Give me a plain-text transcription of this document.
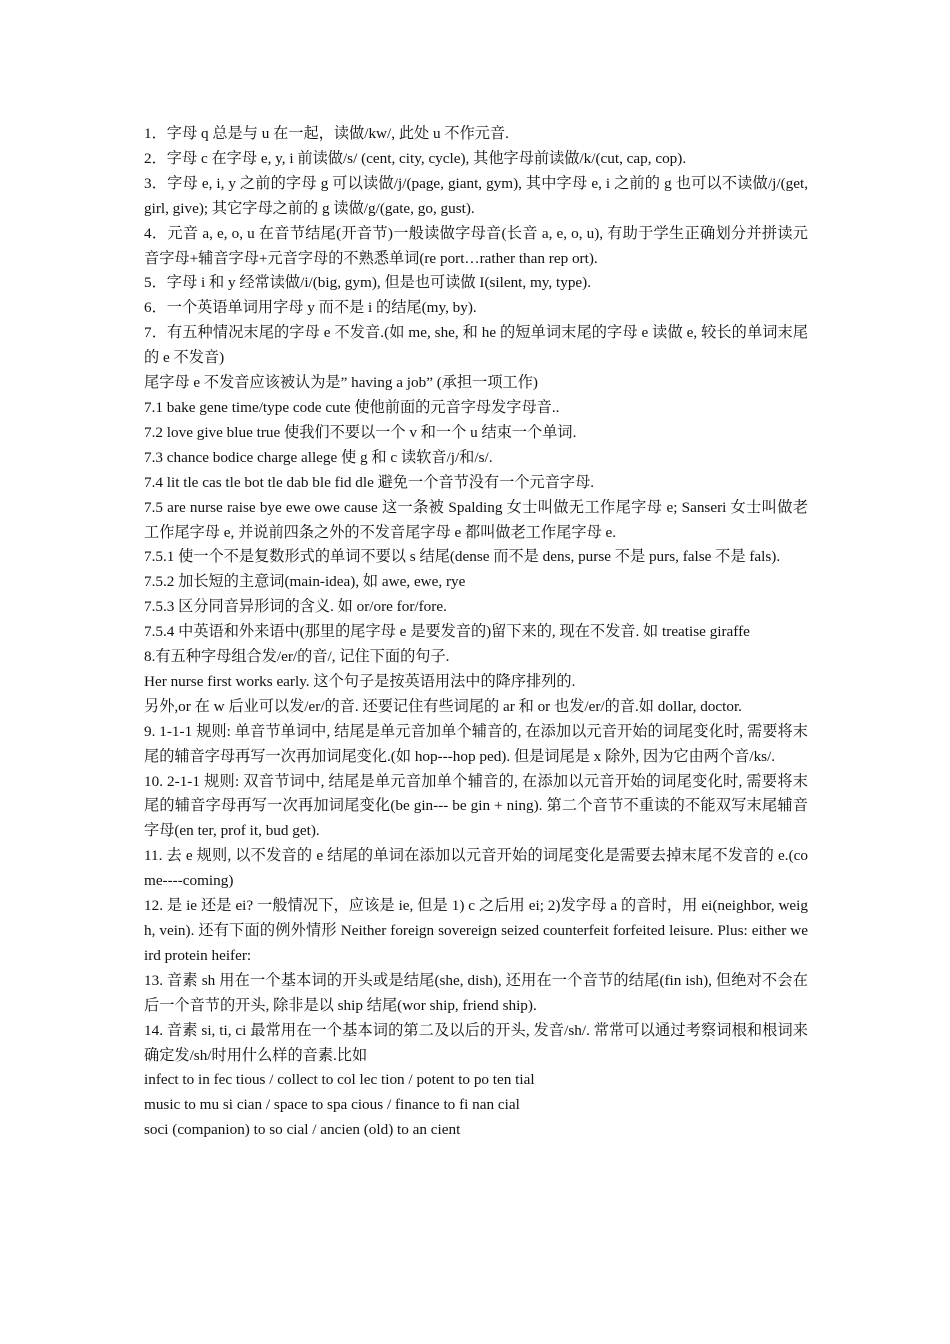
1．字母 q 总是与 u 在一起，读做/kw/, 此处 u 不作元音.

2．字母 c 在字母 e, y, i 前读做/s/ (cent, city, cycle), 其他字母前读做/k/(cut, cap, cop).

3．字母 e, i, y 之前的字母 g 可以读做/j/(page, giant, gym), 其中字母 e, i 之前的 g 也可以不读做/j/(get, girl, give); 其它字母之前的 g 读做/g/(gate, go, gust).

4．元音 a, e, o, u 在音节结尾(开音节)一般读做字母音(长音 a, e, o, u), 有助于学生正确划分并拼读元音字母+辅音字母+元音字母的不熟悉单词(re port…rather than rep ort).

5．字母 i 和 y 经常读做/i/(big, gym), 但是也可读做 I(silent, my, type).

6．一个英语单词用字母 y 而不是 i 的结尾(my, by).

7．有五种情况末尾的字母 e 不发音.(如 me, she, 和 he 的短单词末尾的字母 e 读做 e, 较长的单词末尾的 e 不发音)

尾字母 e 不发音应该被认为是” having a job” (承担一项工作)

7.1 bake gene time/type code cute 使他前面的元音字母发字母音..

7.2 love give blue true 使我们不要以一个 v 和一个 u 结束一个单词.

7.3 chance bodice charge allege 使 g 和 c 读软音/j/和/s/.

7.4 lit tle cas tle bot tle dab ble fid dle 避免一个音节没有一个元音字母.

7.5 are nurse raise bye ewe owe cause 这一条被 Spalding 女士叫做无工作尾字母 e; Sanseri 女士叫做老工作尾字母 e, 并说前四条之外的不发音尾字母 e 都叫做老工作尾字母 e.

7.5.1 使一个不是复数形式的单词不要以 s 结尾(dense 而不是 dens, purse 不是 purs, false 不是 fals).

7.5.2 加长短的主意词(main-idea), 如 awe, ewe, rye

7.5.3 区分同音异形词的含义. 如 or/ore for/fore.

7.5.4 中英语和外来语中(那里的尾字母 e 是要发音的)留下来的, 现在不发音. 如 treatise giraffe

8.有五种字母组合发/er/的音/, 记住下面的句子.

Her nurse first works early. 这个句子是按英语用法中的降序排列的.

另外,or 在 w 后业可以发/er/的音. 还要记住有些词尾的 ar 和 or 也发/er/的音.如 dollar, doctor.

9. 1-1-1 规则: 单音节单词中, 结尾是单元音加单个辅音的, 在添加以元音开始的词尾变化时, 需要将末尾的辅音字母再写一次再加词尾变化.(如 hop---hop ped). 但是词尾是 x 除外, 因为它由两个音/ks/.

10. 2-1-1 规则: 双音节词中, 结尾是单元音加单个辅音的, 在添加以元音开始的词尾变化时, 需要将末尾的辅音字母再写一次再加词尾变化(be gin--- be gin + ning). 第二个音节不重读的不能双写末尾辅音字母(en ter, prof it, bud get).

11. 去 e 规则, 以不发音的 e 结尾的单词在添加以元音开始的词尾变化是需要去掉末尾不发音的 e.(come----coming)

12. 是 ie 还是 ei? 一般情况下，应该是 ie, 但是 1) c 之后用 ei; 2)发字母 a 的音时，用 ei(neighbor, weigh, vein). 还有下面的例外情形 Neither foreign sovereign seized counterfeit forfeited leisure. Plus: either weird protein heifer:

13. 音素 sh 用在一个基本词的开头或是结尾(she, dish), 还用在一个音节的结尾(fin ish), 但绝对不会在后一个音节的开头, 除非是以 ship 结尾(wor ship, friend ship).

14. 音素 si, ti, ci 最常用在一个基本词的第二及以后的开头, 发音/sh/. 常常可以通过考察词根和根词来确定发/sh/时用什么样的音素.比如

infect to in fec tious / collect to col lec tion / potent to po ten tial

music to mu si cian / space to spa cious / finance to fi nan cial

soci (companion) to so cial / ancien (old) to an cient
